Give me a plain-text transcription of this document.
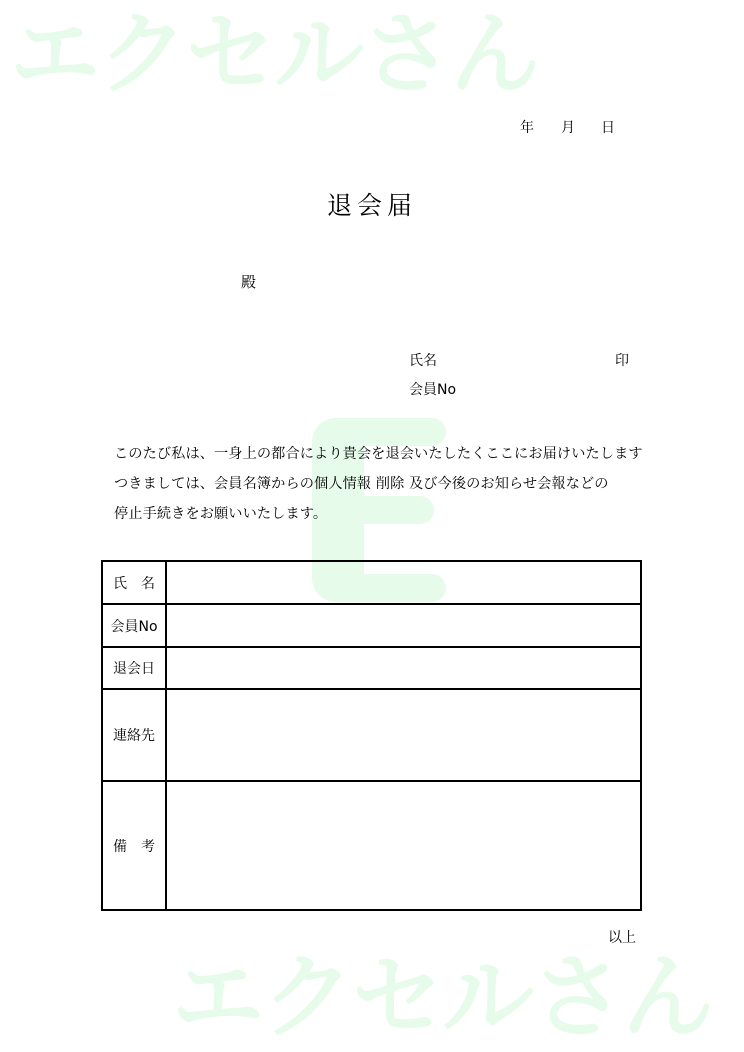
エクセルさん
エクセルさん
年 月 日
退会届
殿
氏名	印
会員No
このたび私は、一身上の都合により貴会を退会いたしたくここにお届けいたします
つきましては、会員名簿からの個人情報 削除 及び今後のお知らせ会報などの
停止手続きをお願いいたします。
氏　名	
会員No	
退会日	
連絡先	
備　考	
以上
